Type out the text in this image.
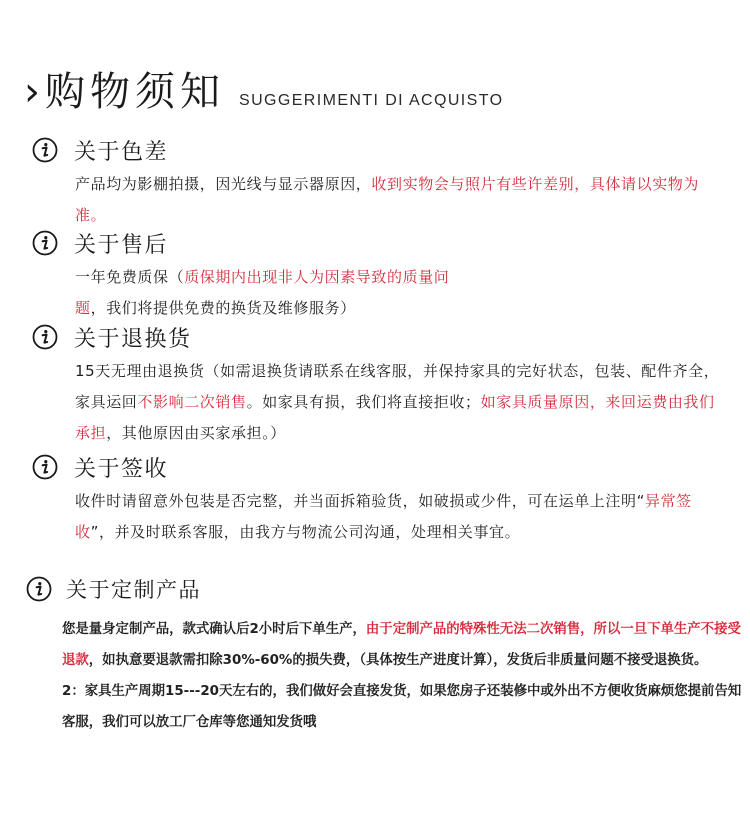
›购物须知 SUGGERIMENTI DI ACQUISTO
关于色差
产品均为影棚拍摄，因光线与显示器原因，收到实物会与照片有些许差别，具体请以实物为准。
关于售后
一年免费质保（质保期内出现非人为因素导致的质量问题，我们将提供免费的换货及维修服务）
关于退换货
15天无理由退换货（如需退换货请联系在线客服，并保持家具的完好状态，包装、配件齐全，家具运回不影响二次销售。如家具有损，我们将直接拒收；如家具质量原因，来回运费由我们承担，其他原因由买家承担。）
关于签收
收件时请留意外包装是否完整，并当面拆箱验货，如破损或少件，可在运单上注明“异常签收”，并及时联系客服，由我方与物流公司沟通，处理相关事宜。
关于定制产品
您是量身定制产品，款式确认后2小时后下单生产，由于定制产品的特殊性无法二次销售，所以一旦下单生产不接受退款，如执意要退款需扣除30%-60%的损失费，（具体按生产进度计算），发货后非质量问题不接受退换货。
2：家具生产周期15---20天左右的，我们做好会直接发货，如果您房子还装修中或外出不方便收货麻烦您提前告知客服，我们可以放工厂仓库等您通知发货哦
